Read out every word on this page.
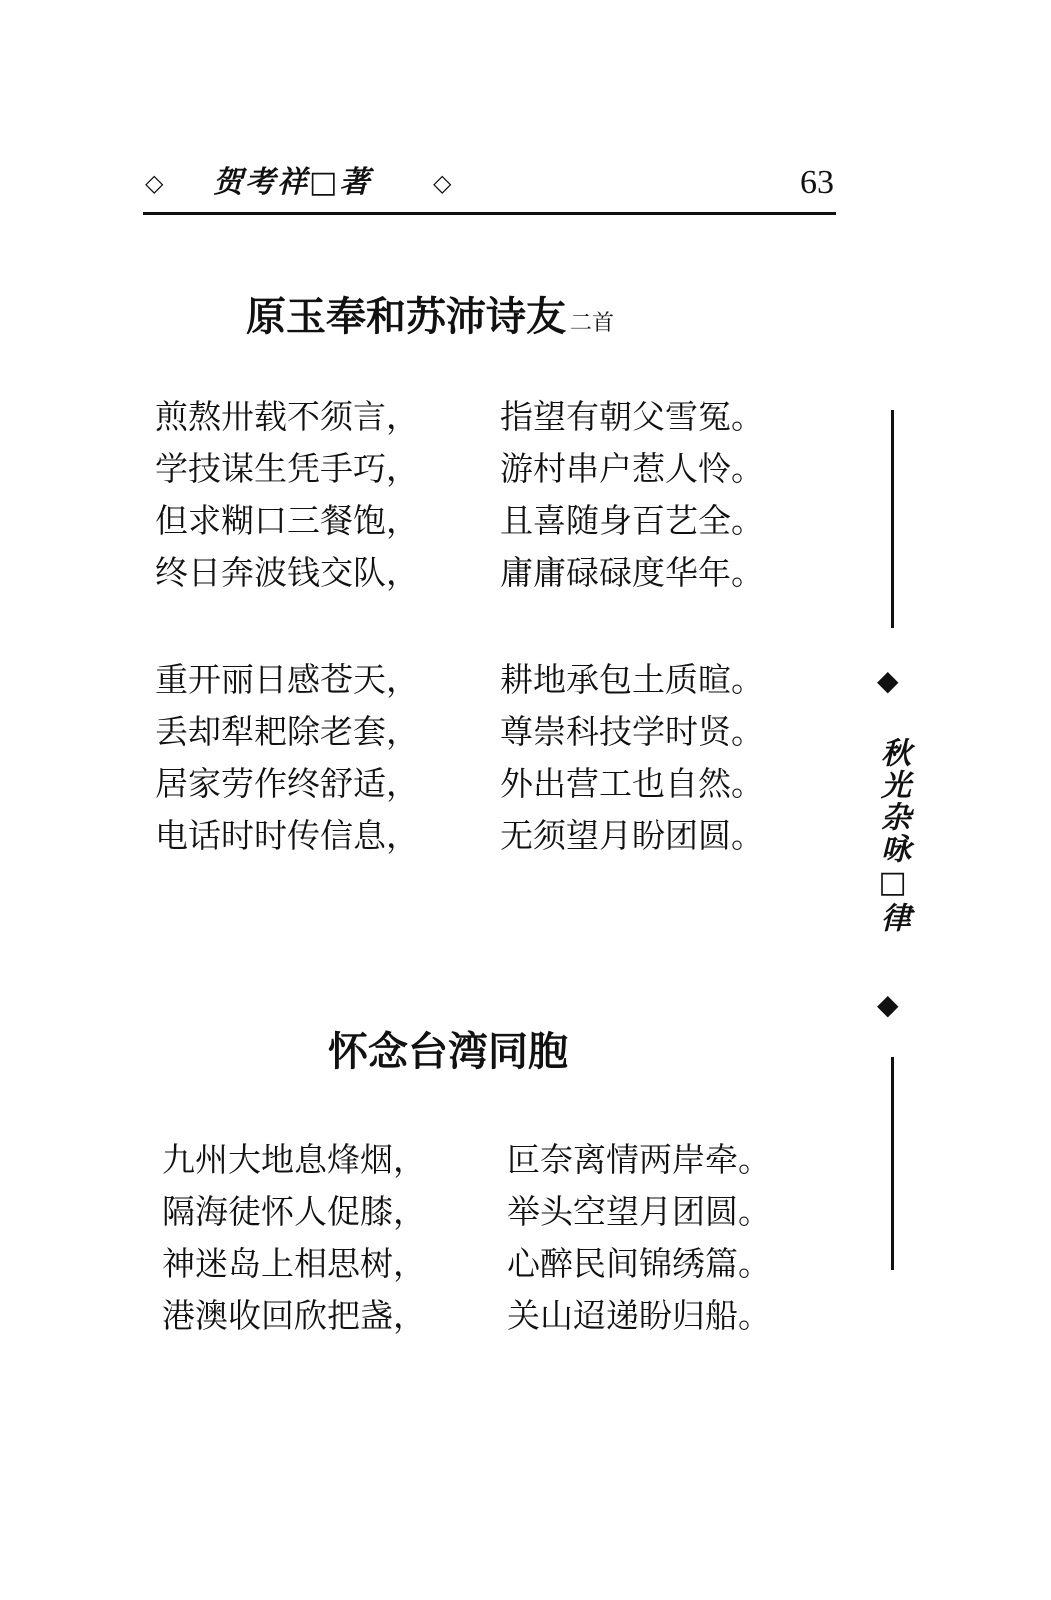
◇ 贺考祥□著	◇	63
原玉奉和苏沛诗友 二首
煎熬卅载不须言， 指望有朝父雪冤。
学技谋生凭手巧， 游村串户惹人怜。
但求糊口三餐饱， 且喜随身百艺全。
终日奔波钱交队， 庸庸碌碌度华年。
重开丽日感苍天， 耕地承包土质暄。
丢却犁耙除老套， 尊崇科技学时贤。
居家劳作终舒适， 外出营工也自然。
电话时时传信息， 无须望月盼团圆。
怀念台湾同胞
九州大地息烽烟， 叵奈离情两岸牵。
隔海徒怀人促膝， 举头空望月团圆。
神迷岛上相思树， 心醉民间锦绣篇。
港澳收回欣把盏， 关山迢递盼归船。
◆
秋光杂咏□律
◆
